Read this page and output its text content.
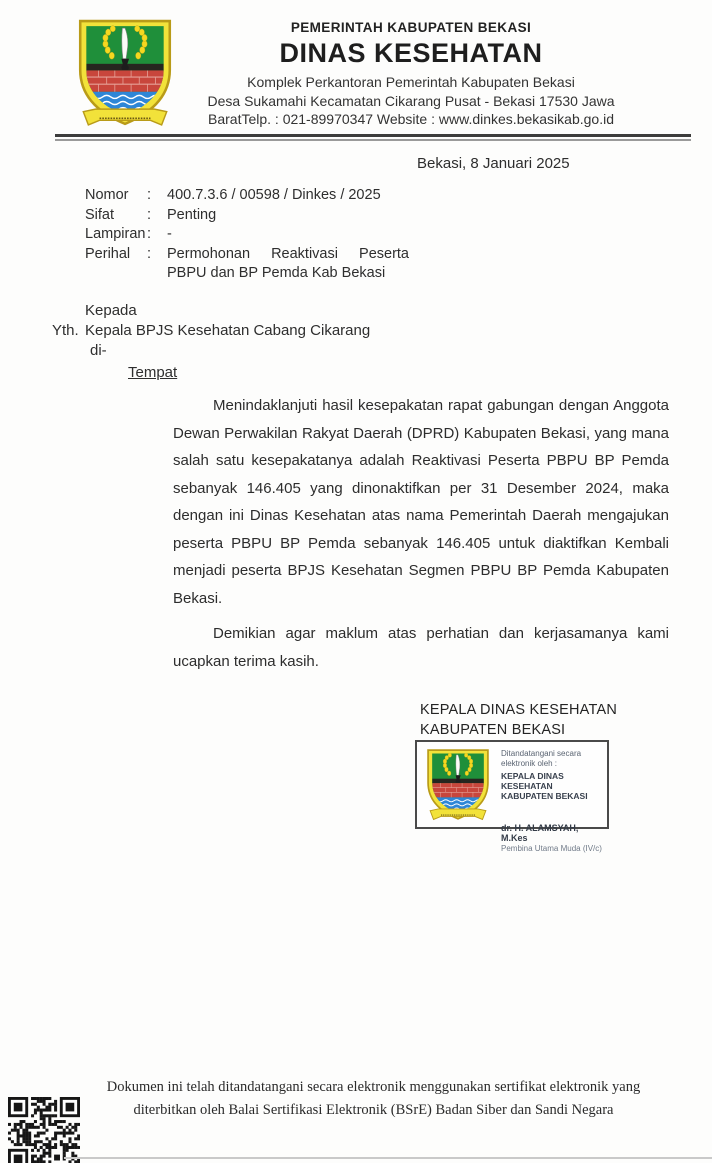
PEMERINTAH KABUPATEN BEKASI
DINAS KESEHATAN
Komplek Perkantoran Pemerintah Kabupaten Bekasi
Desa Sukamahi Kecamatan Cikarang Pusat - Bekasi 17530 Jawa
BaratTelp. : 021-89970347 Website : www.dinkes.bekasikab.go.id
Bekasi, 8 Januari 2025
Nomor	:	400.7.3.6 / 00598 / Dinkes / 2025
Sifat	:	Penting
Lampiran :	-
Perihal	:	Permohonan Reaktivasi Peserta PBPU dan BP Pemda Kab Bekasi
Kepada
Yth. Kepala BPJS Kesehatan Cabang Cikarang
di-
Tempat

Menindaklanjuti hasil kesepakatan rapat gabungan dengan Anggota Dewan Perwakilan Rakyat Daerah (DPRD) Kabupaten Bekasi, yang mana salah satu kesepakatanya adalah Reaktivasi Peserta PBPU BP Pemda sebanyak 146.405 yang dinonaktifkan per 31 Desember 2024, maka dengan ini Dinas Kesehatan atas nama Pemerintah Daerah mengajukan peserta PBPU BP Pemda sebanyak 146.405 untuk diaktifkan Kembali menjadi peserta BPJS Kesehatan Segmen PBPU BP Pemda Kabupaten Bekasi.

Demikian agar maklum atas perhatian dan kerjasamanya kami ucapkan terima kasih.

KEPALA DINAS KESEHATAN
KABUPATEN BEKASI
Ditandatangani secara elektronik oleh :
KEPALA DINAS KESEHATAN
KABUPATEN BEKASI
dr. H. ALAMSYAH, M.Kes
Pembina Utama Muda (IV/c)
Dokumen ini telah ditandatangani secara elektronik menggunakan sertifikat elektronik yang
diterbitkan oleh Balai Sertifikasi Elektronik (BSrE) Badan Siber dan Sandi Negara
